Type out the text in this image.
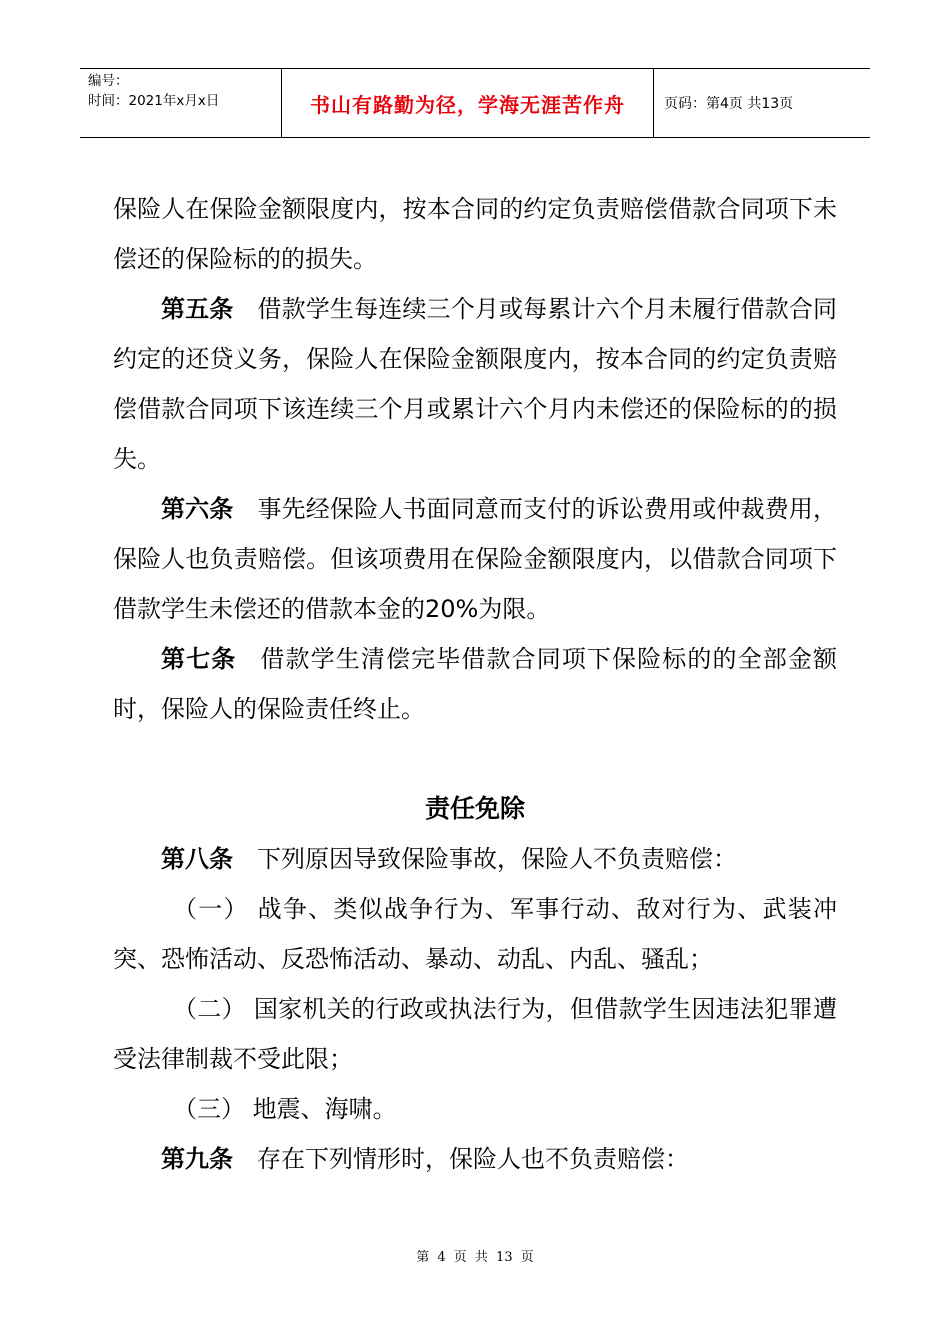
编号：
时间：2021年x月x日	书山有路勤为径，学海无涯苦作舟	页码：第4页 共13页

保险人在保险金额限度内，按本合同的约定负责赔偿借款合同项下未偿还的保险标的的损失。

第五条 借款学生每连续三个月或每累计六个月未履行借款合同约定的还贷义务，保险人在保险金额限度内，按本合同的约定负责赔偿借款合同项下该连续三个月或累计六个月内未偿还的保险标的的损失。

第六条 事先经保险人书面同意而支付的诉讼费用或仲裁费用，保险人也负责赔偿。但该项费用在保险金额限度内，以借款合同项下借款学生未偿还的借款本金的20%为限。

第七条 借款学生清偿完毕借款合同项下保险标的的全部金额时，保险人的保险责任终止。

责任免除

第八条 下列原因导致保险事故，保险人不负责赔偿：

（一） 战争、类似战争行为、军事行动、敌对行为、武装冲突、恐怖活动、反恐怖活动、暴动、动乱、内乱、骚乱；

（二） 国家机关的行政或执法行为，但借款学生因违法犯罪遭受法律制裁不受此限；

（三） 地震、海啸。

第九条 存在下列情形时，保险人也不负责赔偿：

第 4 页 共 13 页
